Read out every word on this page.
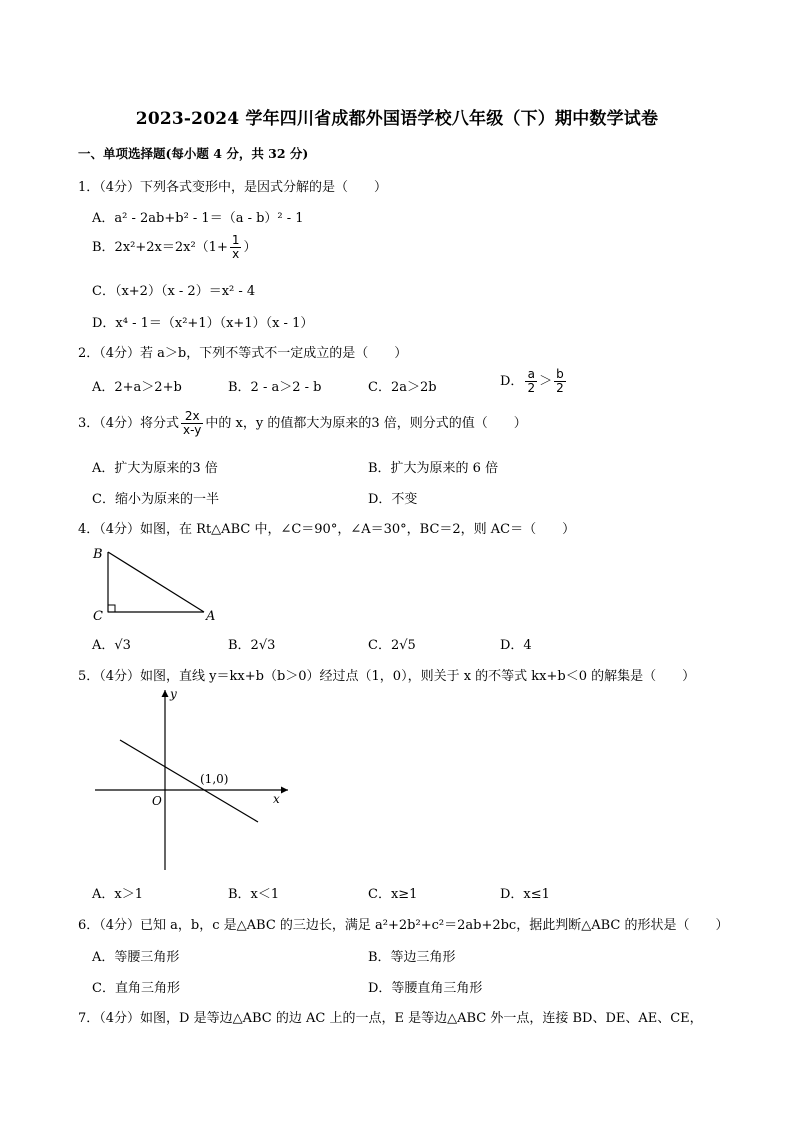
2023-2024 学年四川省成都外国语学校八年级（下）期中数学试卷
一、单项选择题(每小题 4 分，共 32 分)
1．（4分）下列各式变形中，是因式分解的是（　　）
A．a² - 2ab+b² - 1＝（a - b）² - 1
B．$2x^2+2x=2x^2(1+ \frac{1}{x}$ ）
C．（x+2）（x - 2）＝x² - 4
D．x⁴ - 1＝（x²+1）（x+1）（x - 1）
2．（4分）若 a＞b，下列不等式不一定成立的是（　　）
A．2+a＞2+b	B．2 - a＞2 - b	C．2a＞2b	D． $\frac{a}{2} > \frac{b}{2}$
3．（4分）将分式 $\frac{2x}{x-y}$ 中的 x，y 的值都大为原来的3 倍，则分式的值（　　）
A．扩大为原来的3 倍	B．扩大为原来的 6 倍
C．缩小为原来的一半	D．不变
4．（4分）如图，在 Rt△ABC 中，∠C＝90°，∠A＝30°，BC＝2，则 AC＝（　　）
B
C	A
A．√3	B．2√3	C．2√5	D．4
5．（4分）如图，直线 y＝kx+b（b＞0）经过点（1，0），则关于 x 的不等式 kx+b＜0 的解集是（　　）
y
x
O
(1,0)
A．x＞1	B．x＜1	C．x≥1	D．x≤1
6．（4分）已知 a，b，c 是△ABC 的三边长，满足 a²+2b²+c²＝2ab+2bc，据此判断△ABC 的形状是（　　）
A．等腰三角形	B．等边三角形
C．直角三角形	D．等腰直角三角形
7．（4分）如图，D 是等边△ABC 的边 AC 上的一点，E 是等边△ABC 外一点，连接 BD、DE、AE、CE，
